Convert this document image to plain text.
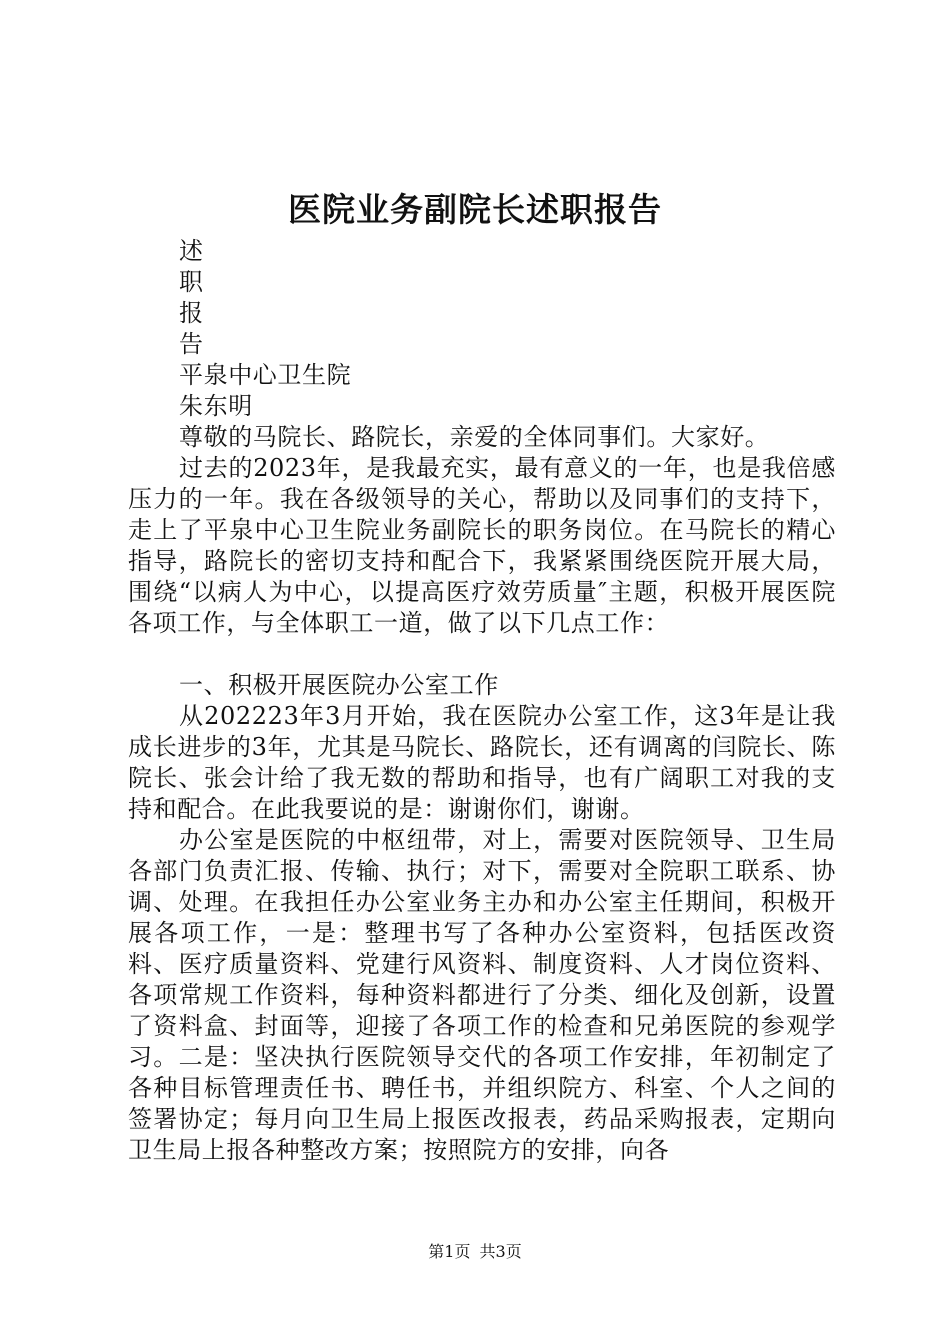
医院业务副院长述职报告
述
职
报
告
平泉中心卫生院
朱东明

尊敬的马院长、路院长，亲爱的全体同事们。大家好。

过去的2023年，是我最充实，最有意义的一年，也是我倍感压力的一年。我在各级领导的关心，帮助以及同事们的支持下，走上了平泉中心卫生院业务副院长的职务岗位。在马院长的精心指导，路院长的密切支持和配合下，我紧紧围绕医院开展大局，围绕“以病人为中心，以提高医疗效劳质量″主题，积极开展医院各项工作，与全体职工一道，做了以下几点工作：

一、积极开展医院办公室工作

从202223年3月开始，我在医院办公室工作，这3年是让我成长进步的3年，尤其是马院长、路院长，还有调离的闫院长、陈院长、张会计给了我无数的帮助和指导，也有广阔职工对我的支持和配合。在此我要说的是：谢谢你们，谢谢。

办公室是医院的中枢纽带，对上，需要对医院领导、卫生局各部门负责汇报、传输、执行；对下，需要对全院职工联系、协调、处理。在我担任办公室业务主办和办公室主任期间，积极开展各项工作，一是：整理书写了各种办公室资料，包括医改资料、医疗质量资料、党建行风资料、制度资料、人才岗位资料、各项常规工作资料，每种资料都进行了分类、细化及创新，设置了资料盒、封面等，迎接了各项工作的检查和兄弟医院的参观学习。二是：坚决执行医院领导交代的各项工作安排，年初制定了各种目标管理责任书、聘任书，并组织院方、科室、个人之间的签署协定；每月向卫生局上报医改报表，药品采购报表，定期向卫生局上报各种整改方案；按照院方的安排，向各

第1页 共3页
